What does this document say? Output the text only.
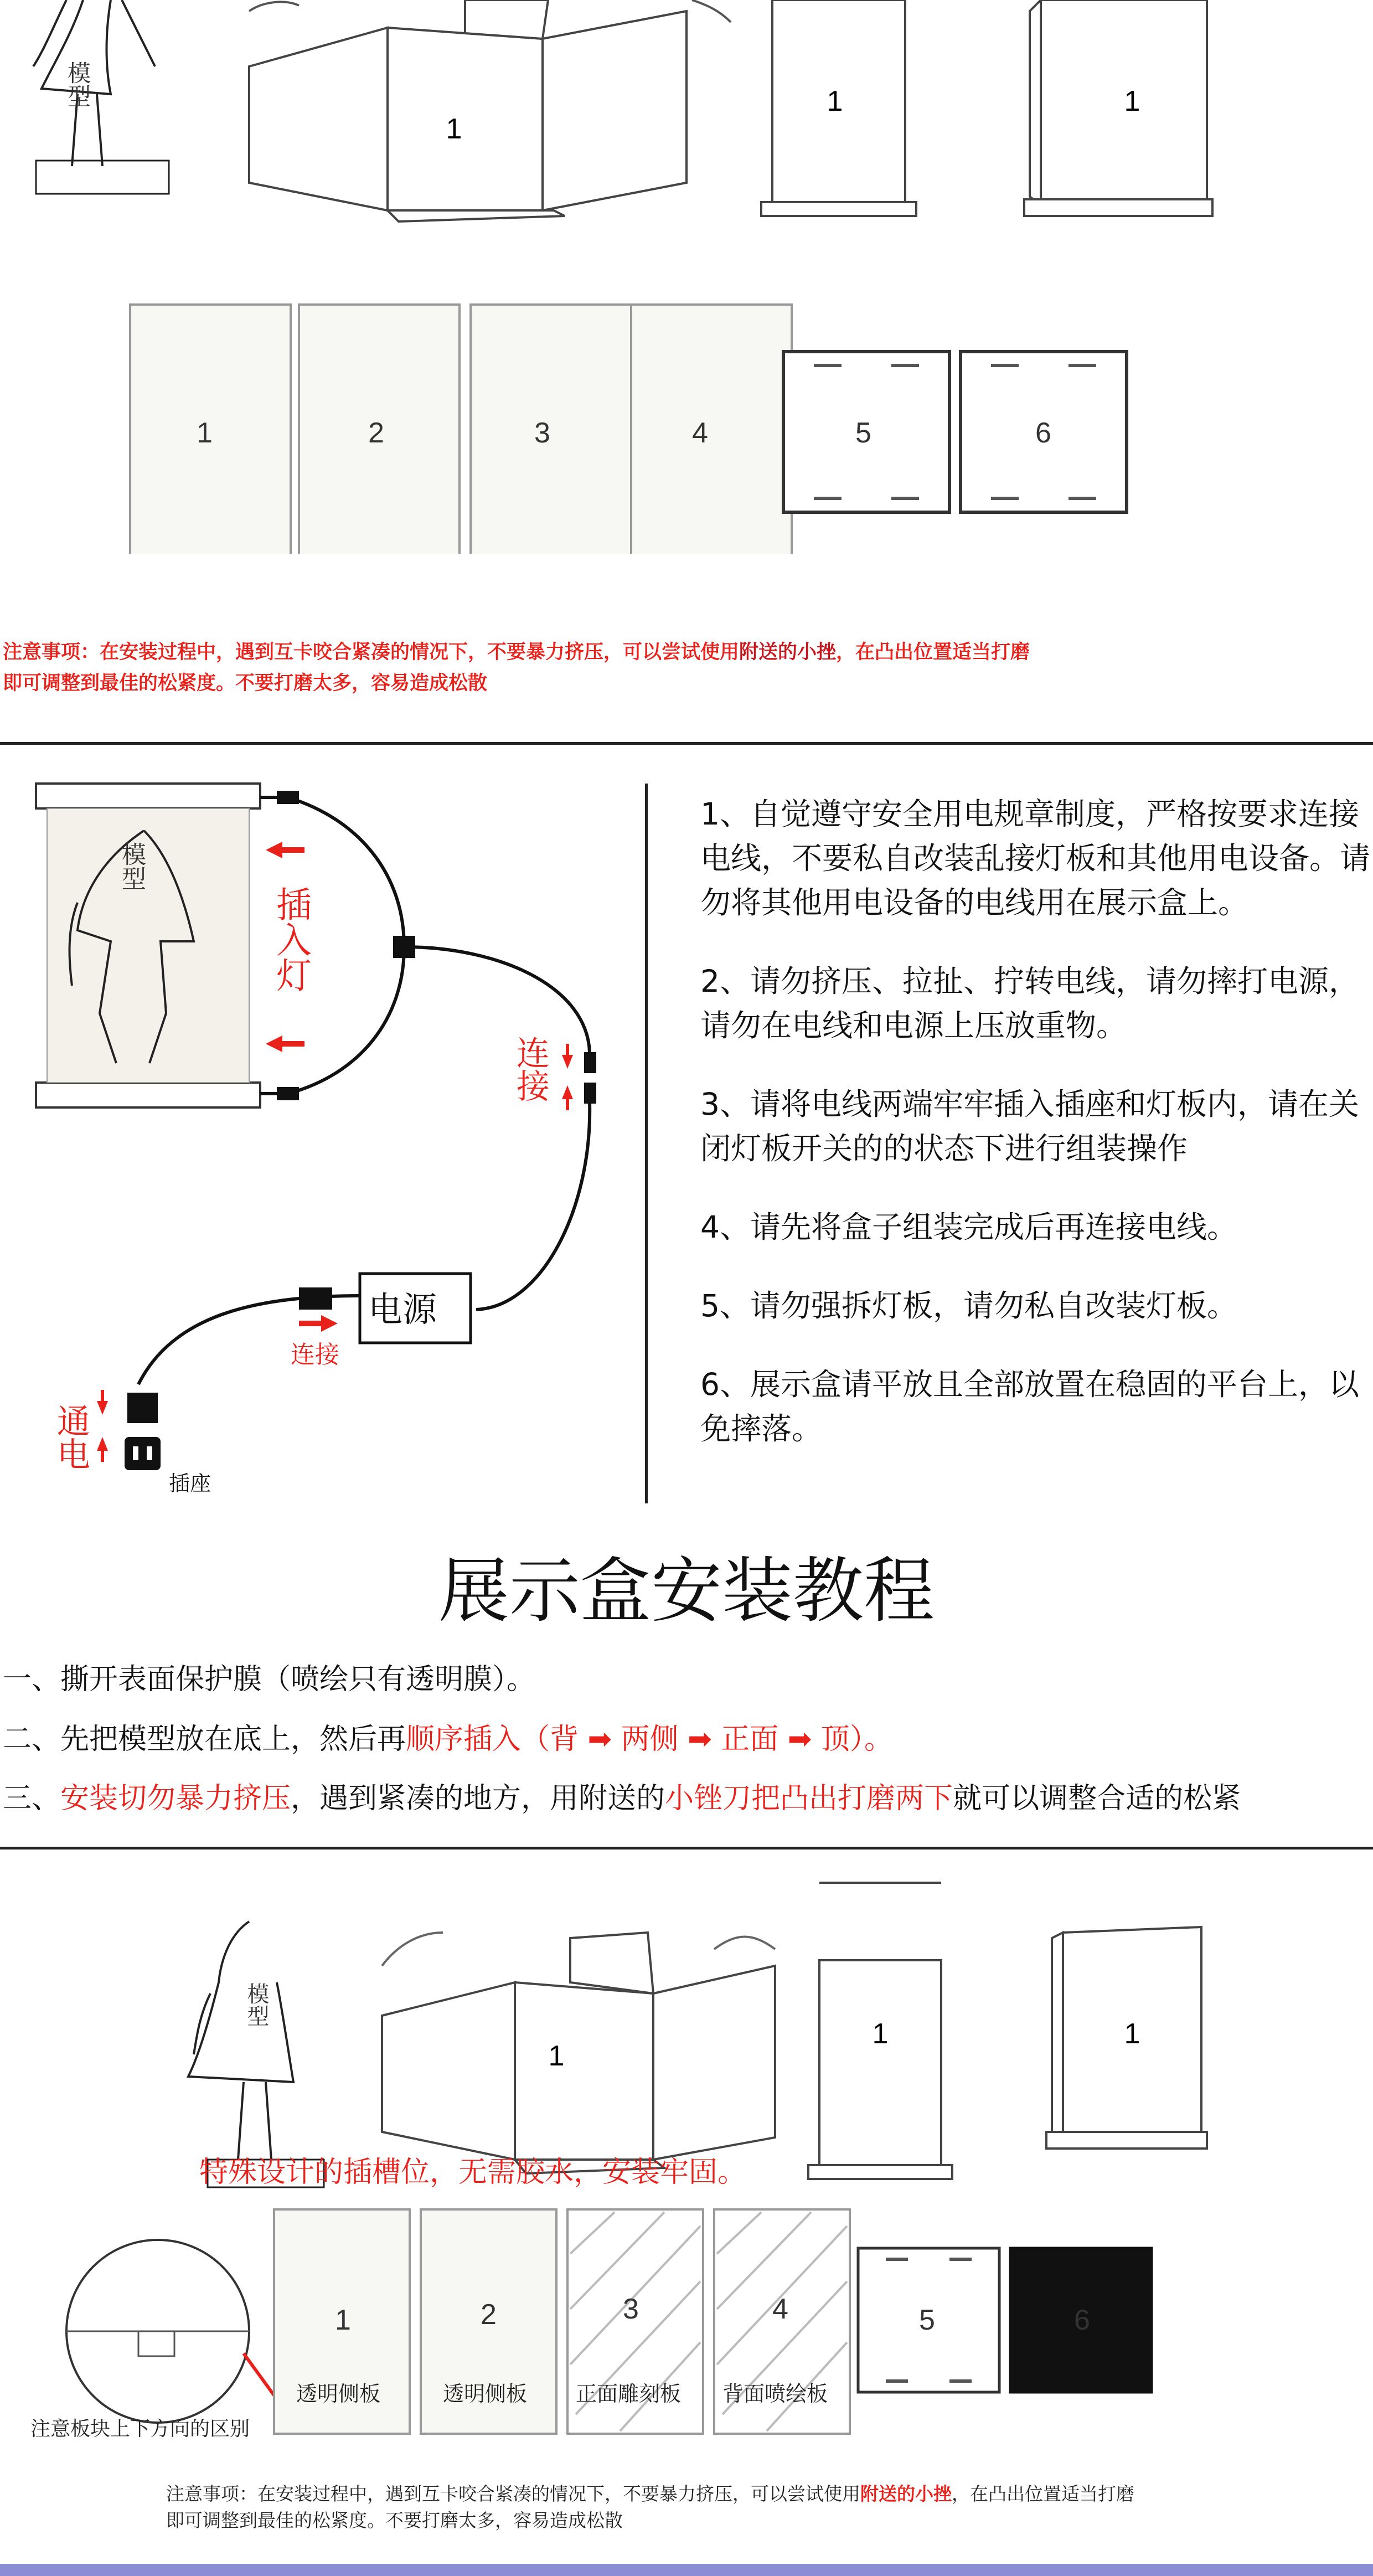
1	1
1
1	2	3	4	5	6
模型
注意事项：在安装过程中，遇到互卡咬合紧凑的情况下，不要暴力挤压，可以尝试使用附送的小挫，在凸出位置适当打磨
即可调整到最佳的松紧度。不要打磨太多，容易造成松散
模型
插入灯
连接
电源
连接
通电
插座
1、自觉遵守安全用电规章制度，严格按要求连接电线，不要私自改装乱接灯板和其他用电设备。请勿将其他用电设备的电线用在展示盒上。
2、请勿挤压、拉扯、拧转电线，请勿摔打电源，请勿在电线和电源上压放重物。
3、请将电线两端牢牢插入插座和灯板内，请在关闭灯板开关的的状态下进行组装操作
4、请先将盒子组装完成后再连接电线。
5、请勿强拆灯板，请勿私自改装灯板。
6、展示盒请平放且全部放置在稳固的平台上，以免摔落。
展示盒安装教程
一、撕开表面保护膜（喷绘只有透明膜）。
二、先把模型放在底上，然后再顺序插入（背 ➡ 两侧 ➡ 正面 ➡ 顶）。
三、安装切勿暴力挤压，遇到紧凑的地方，用附送的小锉刀把凸出打磨两下就可以调整合适的松紧
1	1
1
模型
特殊设计的插槽位，无需胶水，安装牢固。
1	2	3	4	5	6
透明侧板	透明侧板 正面雕刻板 背面喷绘板
注意板块上下方向的区别
注意事项：在安装过程中，遇到互卡咬合紧凑的情况下，不要暴力挤压，可以尝试使用附送的小挫，在凸出位置适当打磨
即可调整到最佳的松紧度。不要打磨太多，容易造成松散
